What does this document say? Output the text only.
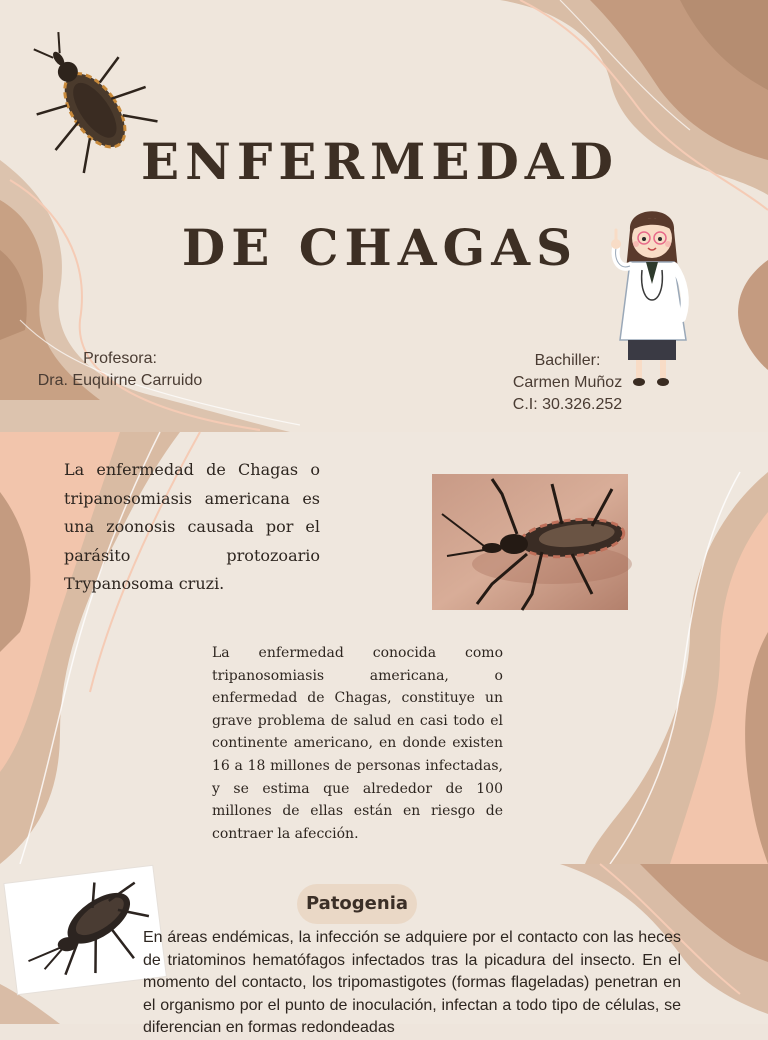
ENFERMEDAD
DE CHAGAS
Profesora:
Dra. Euquirne Carruido
Bachiller:
Carmen Muñoz
C.I: 30.326.252

La enfermedad de Chagas o tripanosomiasis americana es una zoonosis causada por el parásito protozoario Trypanosoma cruzi.

La enfermedad conocida como tripanosomiasis americana, o enfermedad de Chagas, constituye un grave problema de salud en casi todo el continente americano, en donde existen 16 a 18 millones de personas infectadas, y se estima que alrededor de 100 millones de ellas están en riesgo de contraer la afección.

Patogenia

En áreas endémicas, la infección se adquiere por el contacto con las heces de triatominos hematófagos infectados tras la picadura del insecto. En el momento del contacto, los tripomastigotes (formas flageladas) penetran en el organismo por el punto de inoculación, infectan a todo tipo de células, se diferencian en formas redondeadas
